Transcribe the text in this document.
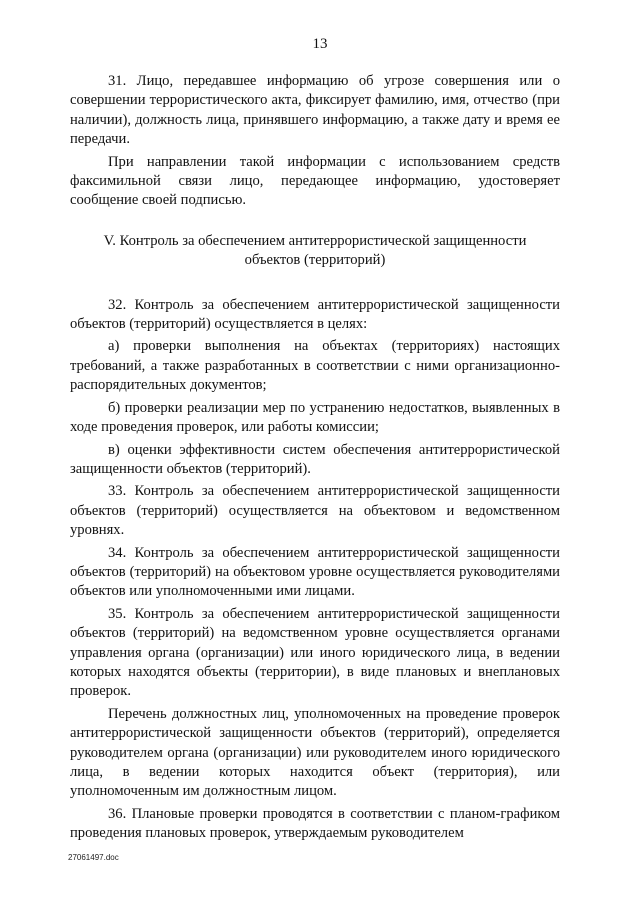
13

31. Лицо, передавшее информацию об угрозе совершения или о совершении террористического акта, фиксирует фамилию, имя, отчество (при наличии), должность лица, принявшего информацию, а также дату и время ее передачи.

При направлении такой информации с использованием средств факсимильной связи лицо, передающее информацию, удостоверяет сообщение своей подписью.

V. Контроль за обеспечением антитеррористической защищенности
объектов (территорий)

32. Контроль за обеспечением антитеррористической защищенности объектов (территорий) осуществляется в целях:

а) проверки выполнения на объектах (территориях) настоящих требований, а также разработанных в соответствии с ними организационно-распорядительных документов;

б) проверки реализации мер по устранению недостатков, выявленных в ходе проведения проверок, или работы комиссии;

в) оценки эффективности систем обеспечения антитеррористической защищенности объектов (территорий).

33. Контроль за обеспечением антитеррористической защищенности объектов (территорий) осуществляется на объектовом и ведомственном уровнях.

34. Контроль за обеспечением антитеррористической защищенности объектов (территорий) на объектовом уровне осуществляется руководителями объектов или уполномоченными ими лицами.

35. Контроль за обеспечением антитеррористической защищенности объектов (территорий) на ведомственном уровне осуществляется органами управления органа (организации) или иного юридического лица, в ведении которых находятся объекты (территории), в виде плановых и внеплановых проверок.

Перечень должностных лиц, уполномоченных на проведение проверок антитеррористической защищенности объектов (территорий), определяется руководителем органа (организации) или руководителем иного юридического лица, в ведении которых находится объект (территория), или уполномоченным им должностным лицом.

36. Плановые проверки проводятся в соответствии с планом-графиком проведения плановых проверок, утверждаемым руководителем

27061497.doc
